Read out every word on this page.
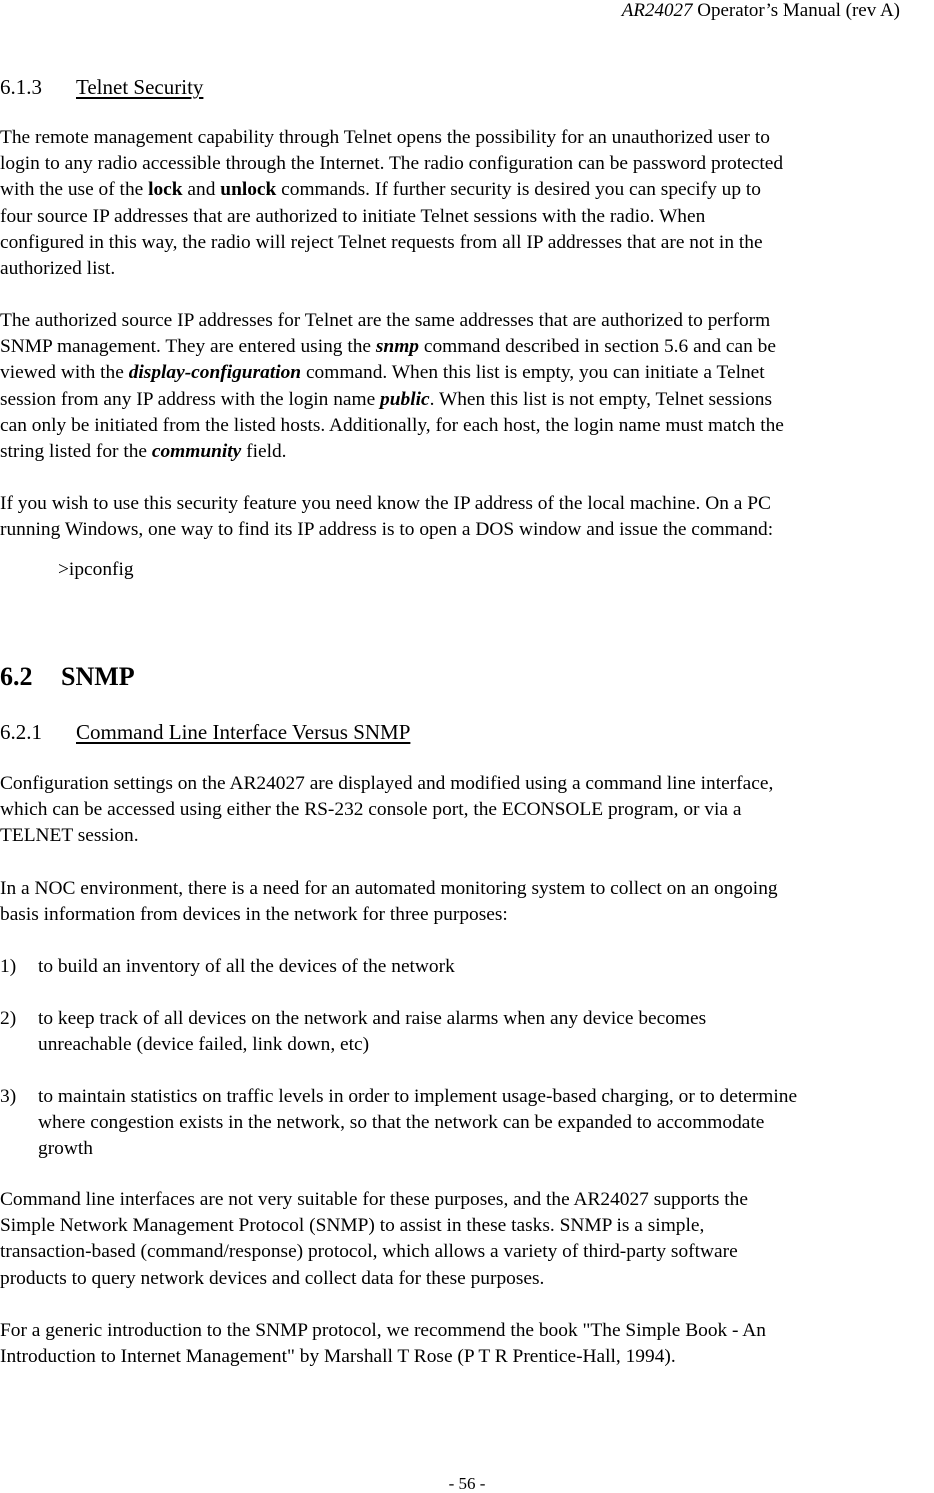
AR24027 Operator’s Manual (rev A)
6.1.3 Telnet Security
The remote management capability through Telnet opens the possibility for an unauthorized user to
login to any radio accessible through the Internet. The radio configuration can be password protected
with the use of the lock and unlock commands. If further security is desired you can specify up to
four source IP addresses that are authorized to initiate Telnet sessions with the radio. When
configured in this way, the radio will reject Telnet requests from all IP addresses that are not in the
authorized list.
The authorized source IP addresses for Telnet are the same addresses that are authorized to perform
SNMP management. They are entered using the snmp command described in section 5.6 and can be
viewed with the display-configuration command. When this list is empty, you can initiate a Telnet
session from any IP address with the login name public. When this list is not empty, Telnet sessions
can only be initiated from the listed hosts. Additionally, for each host, the login name must match the
string listed for the community field.
If you wish to use this security feature you need know the IP address of the local machine. On a PC
running Windows, one way to find its IP address is to open a DOS window and issue the command:
>ipconfig
6.2 SNMP
6.2.1 Command Line Interface Versus SNMP
Configuration settings on the AR24027 are displayed and modified using a command line interface,
which can be accessed using either the RS-232 console port, the ECONSOLE program, or via a
TELNET session.
In a NOC environment, there is a need for an automated monitoring system to collect on an ongoing
basis information from devices in the network for three purposes:
1) to build an inventory of all the devices of the network
2) to keep track of all devices on the network and raise alarms when any device becomes
unreachable (device failed, link down, etc)
3) to maintain statistics on traffic levels in order to implement usage-based charging, or to determine
where congestion exists in the network, so that the network can be expanded to accommodate
growth
Command line interfaces are not very suitable for these purposes, and the AR24027 supports the
Simple Network Management Protocol (SNMP) to assist in these tasks. SNMP is a simple,
transaction-based (command/response) protocol, which allows a variety of third-party software
products to query network devices and collect data for these purposes.
For a generic introduction to the SNMP protocol, we recommend the book "The Simple Book - An
Introduction to Internet Management" by Marshall T Rose (P T R Prentice-Hall, 1994).
- 56 -
